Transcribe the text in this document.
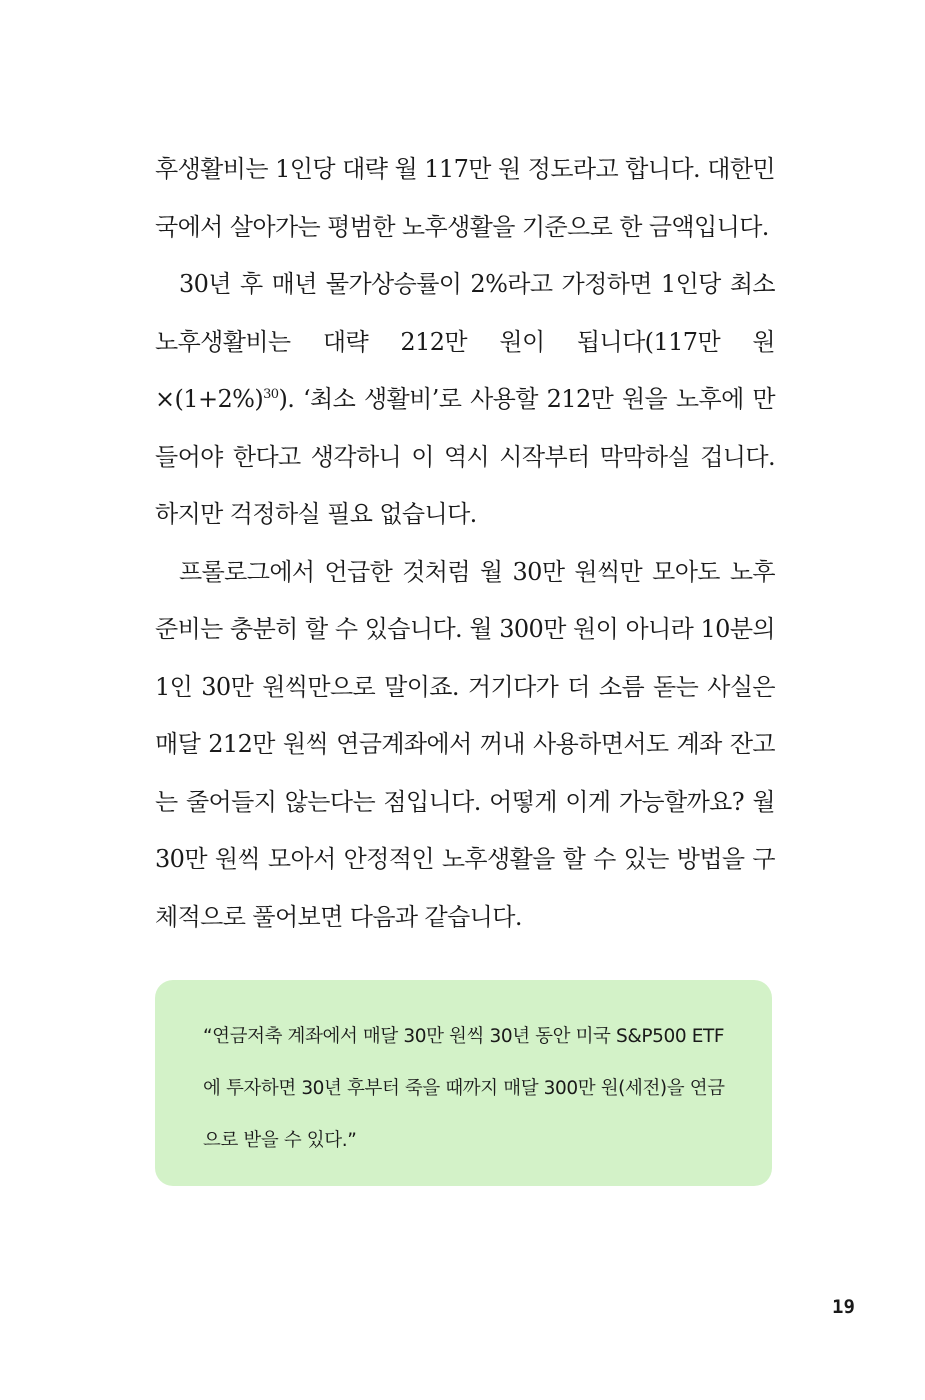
후생활비는 1인당 대략 월 117만 원 정도라고 합니다. 대한민국에서 살아가는 평범한 노후생활을 기준으로 한 금액입니다.

30년 후 매년 물가상승률이 2%라고 가정하면 1인당 최소 노후생활비는 대략 212만 원이 됩니다(117만 원$\times(1+2\%)^{30}$). ‘최소 생활비’로 사용할 212만 원을 노후에 만들어야 한다고 생각하니 이 역시 시작부터 막막하실 겁니다. 하지만 걱정하실 필요 없습니다.

프롤로그에서 언급한 것처럼 월 30만 원씩만 모아도 노후 준비는 충분히 할 수 있습니다. 월 300만 원이 아니라 10분의 1인 30만 원씩만으로 말이죠. 거기다가 더 소름 돋는 사실은 매달 212만 원씩 연금계좌에서 꺼내 사용하면서도 계좌 잔고는 줄어들지 않는다는 점입니다. 어떻게 이게 가능할까요? 월 30만 원씩 모아서 안정적인 노후생활을 할 수 있는 방법을 구체적으로 풀어보면 다음과 같습니다.

“연금저축 계좌에서 매달 30만 원씩 30년 동안 미국 S&P500 ETF에 투자하면 30년 후부터 죽을 때까지 매달 300만 원(세전)을 연금으로 받을 수 있다.”

19
